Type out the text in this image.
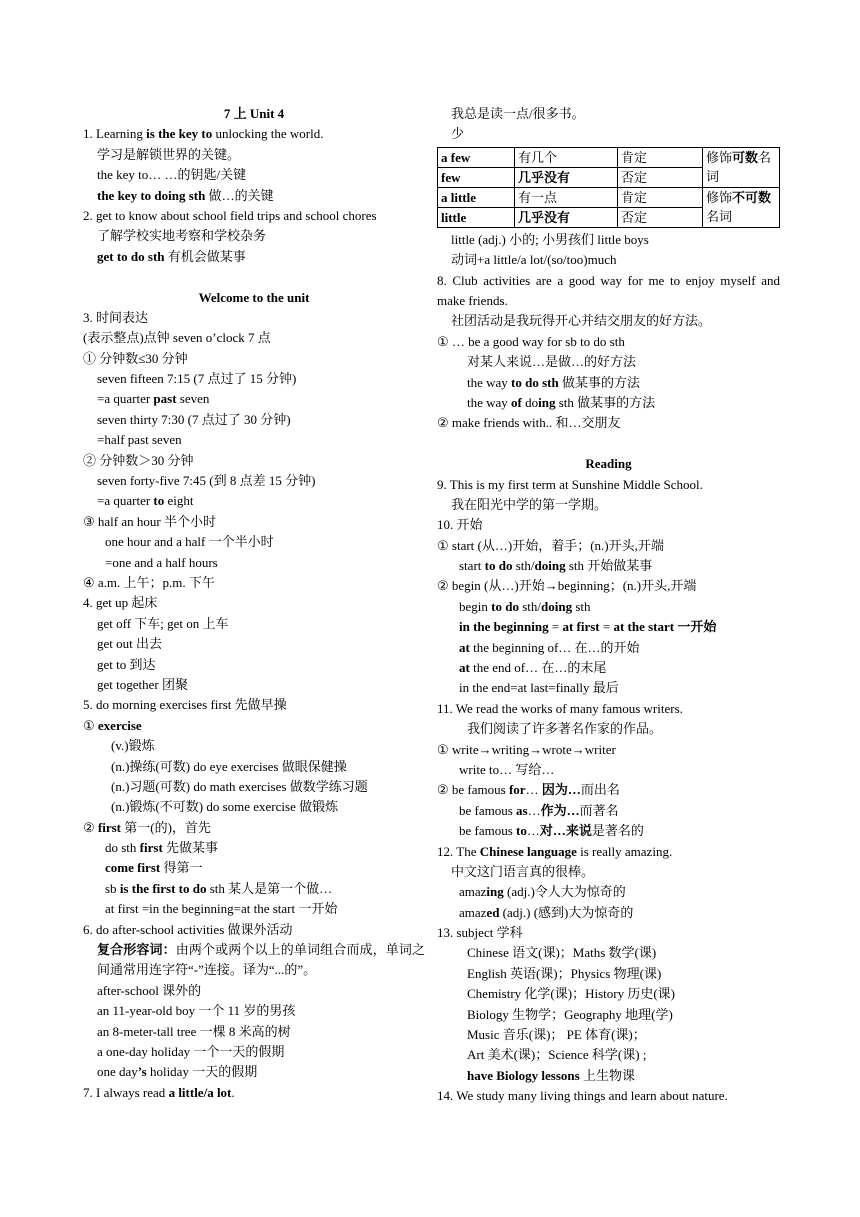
7 上 Unit 4
1. Learning is the key to unlocking the world.
学习是解锁世界的关键。
the key to… …的钥匙/关键
the key to doing sth 做…的关键
2. get to know about school field trips and school chores
了解学校实地考察和学校杂务
get to do sth 有机会做某事
Welcome to the unit
3. 时间表达
(表示整点)点钟 seven o’clock 7 点
① 分钟数≤30 分钟
seven fifteen 7:15 (7 点过了 15 分钟)
=a quarter past seven
seven thirty 7:30 (7 点过了 30 分钟)
=half past seven
② 分钟数＞30 分钟
seven forty-five 7:45 (到 8 点差 15 分钟)
=a quarter to eight
③ half an hour 半个小时
one hour and a half 一个半小时
=one and a half hours
④ a.m. 上午；p.m. 下午
4. get up 起床
get off 下车; get on 上车
get out 出去
get to 到达
get together 团聚
5. do morning exercises first 先做早操
① exercise
(v.)锻炼
(n.)操练(可数) do eye exercises 做眼保健操
(n.)习题(可数) do math exercises 做数学练习题
(n.)锻炼(不可数) do some exercise 做锻炼
② first 第一(的)，首先
do sth first 先做某事
come first 得第一
sb is the first to do sth 某人是第一个做…
at first =in the beginning=at the start 一开始
6. do after-school activities 做课外活动
复合形容词：由两个或两个以上的单词组合而成，单词之间通常用连字符“-”连接。译为“...的”。
after-school 课外的
an 11-year-old boy 一个 11 岁的男孩
an 8-meter-tall tree 一棵 8 米高的树
a one-day holiday 一个一天的假期
one day’s holiday 一天的假期
7. I always read a little/a lot.
我总是读一点/很多书。
少
a few	有几个	肯定	修饰可数名词
few	几乎没有	否定	
a little	有一点	肯定	修饰不可数名词
little	几乎没有	否定	
little (adj.) 小的; 小男孩们 little boys
动词+a little/a lot/(so/too)much
8. Club activities are a good way for me to enjoy myself and make friends.
社团活动是我玩得开心并结交朋友的好方法。
① … be a good way for sb to do sth
对某人来说…是做…的好方法
the way to do sth 做某事的方法
the way of doing sth 做某事的方法
② make friends with.. 和…交朋友
Reading
9. This is my first term at Sunshine Middle School.
我在阳光中学的第一学期。
10. 开始
① start (从…)开始，着手；(n.)开头,开端
start to do sth/doing sth 开始做某事
② begin (从…)开始→beginning；(n.)开头,开端
begin to do sth/doing sth
in the beginning = at first = at the start 一开始
at the beginning of… 在…的开始
at the end of… 在…的末尾
in the end=at last=finally 最后
11. We read the works of many famous writers.
我们阅读了许多著名作家的作品。
① write→writing→wrote→writer
write to… 写给…
② be famous for… 因为…而出名
be famous as…作为…而著名
be famous to…对…来说是著名的
12. The Chinese language is really amazing.
中文这门语言真的很棒。
amazing (adj.)令人大为惊奇的
amazed (adj.) (感到)大为惊奇的
13. subject 学科
Chinese 语文(课)；Maths 数学(课)
English 英语(课)；Physics 物理(课)
Chemistry 化学(课)；History 历史(课)
Biology 生物学；Geography 地理(学)
Music 音乐(课)； PE 体育(课)；
Art 美术(课)；Science 科学(课) ;
have Biology lessons 上生物课
14. We study many living things and learn about nature.
